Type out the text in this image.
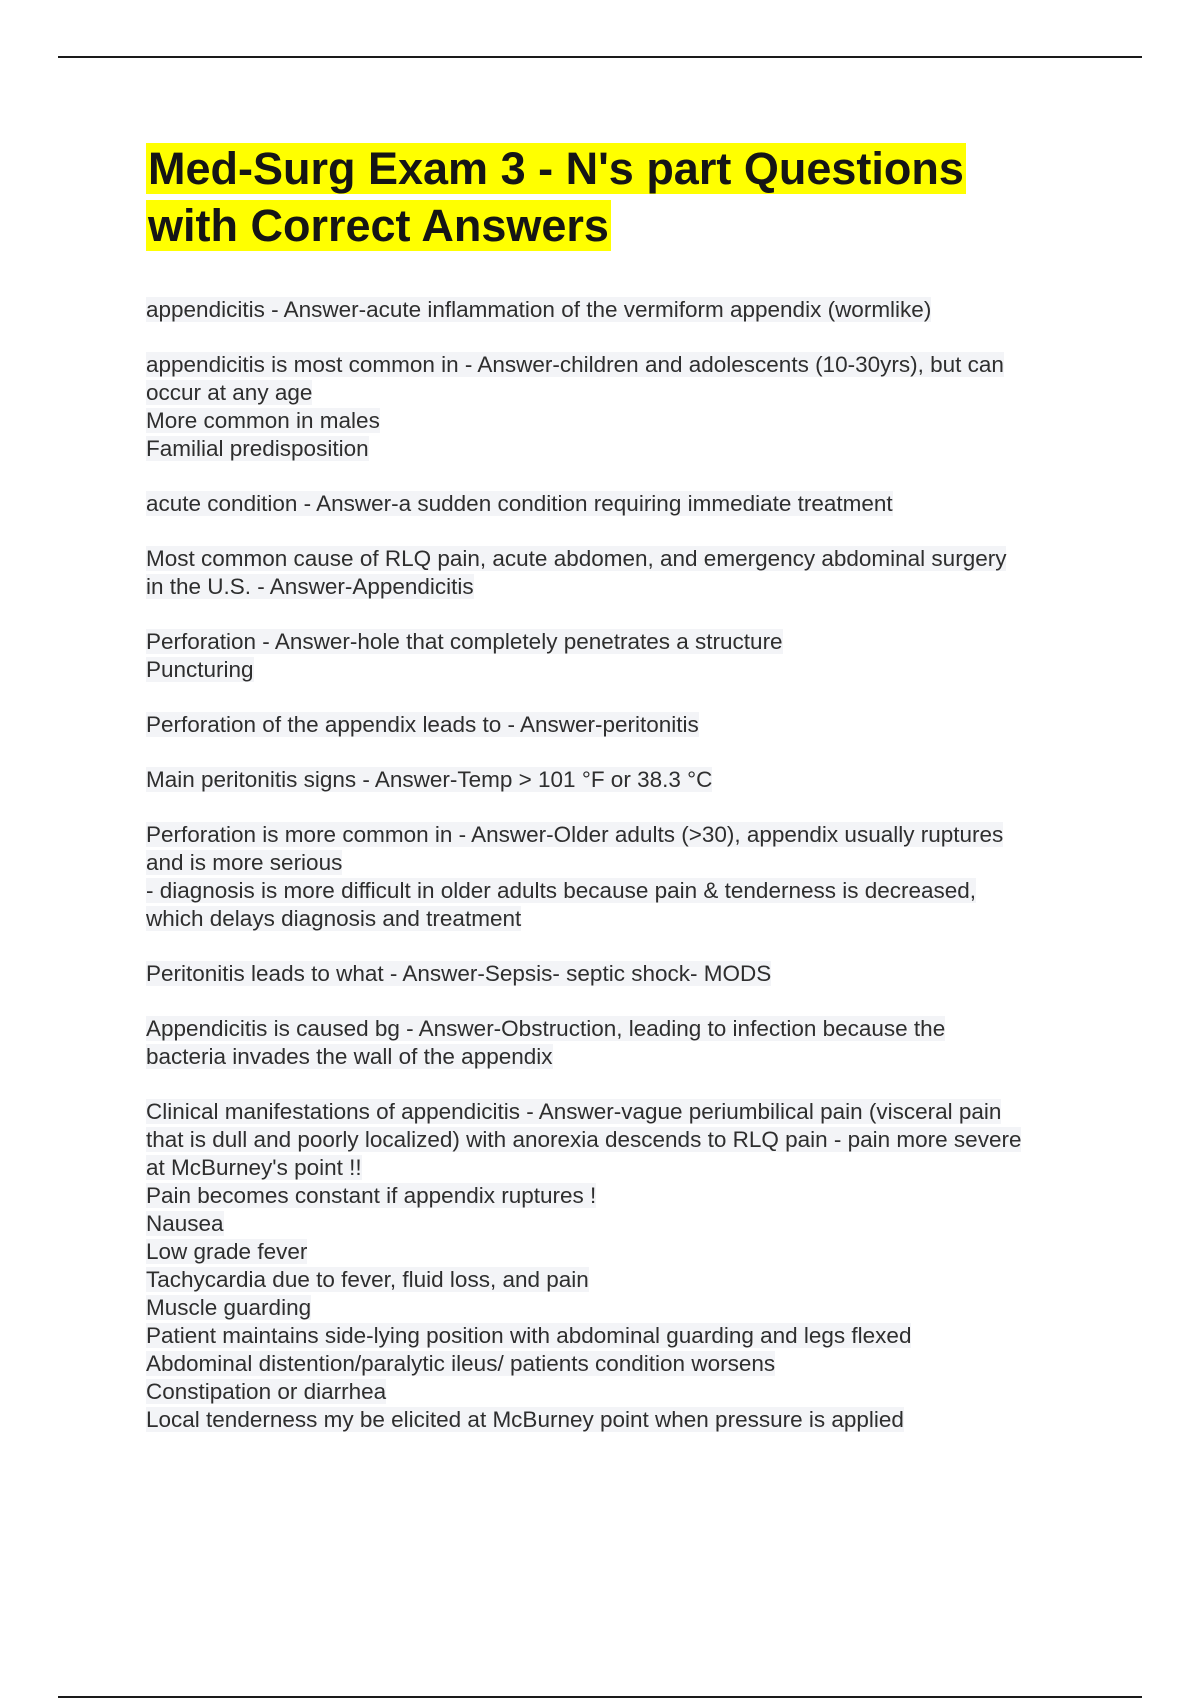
Med-Surg Exam 3 - N's part Questions
with Correct Answers

appendicitis - Answer-acute inflammation of the vermiform appendix (wormlike)

appendicitis is most common in - Answer-children and adolescents (10-30yrs), but can
occur at any age
More common in males
Familial predisposition

acute condition - Answer-a sudden condition requiring immediate treatment

Most common cause of RLQ pain, acute abdomen, and emergency abdominal surgery
in the U.S. - Answer-Appendicitis

Perforation - Answer-hole that completely penetrates a structure
Puncturing

Perforation of the appendix leads to - Answer-peritonitis

Main peritonitis signs - Answer-Temp > 101 °F or 38.3 °C

Perforation is more common in - Answer-Older adults (>30), appendix usually ruptures
and is more serious
- diagnosis is more difficult in older adults because pain & tenderness is decreased,
which delays diagnosis and treatment

Peritonitis leads to what - Answer-Sepsis- septic shock- MODS

Appendicitis is caused bg - Answer-Obstruction, leading to infection because the
bacteria invades the wall of the appendix

Clinical manifestations of appendicitis - Answer-vague periumbilical pain (visceral pain
that is dull and poorly localized) with anorexia descends to RLQ pain - pain more severe
at McBurney's point !!
Pain becomes constant if appendix ruptures !
Nausea
Low grade fever
Tachycardia due to fever, fluid loss, and pain
Muscle guarding
Patient maintains side-lying position with abdominal guarding and legs flexed
Abdominal distention/paralytic ileus/ patients condition worsens
Constipation or diarrhea
Local tenderness my be elicited at McBurney point when pressure is applied
